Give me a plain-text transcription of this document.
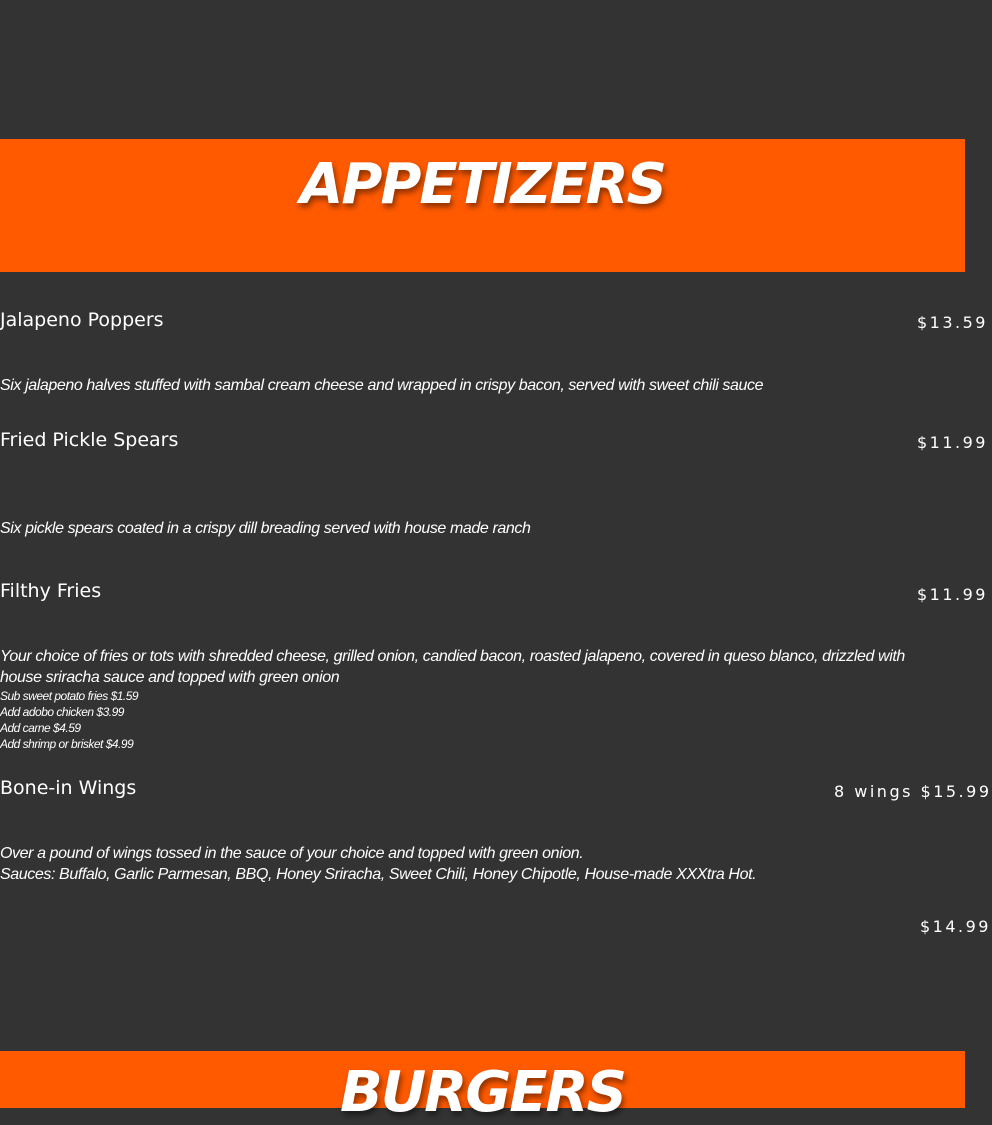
APPETIZERS
Jalapeno Poppers	$13.59
Six jalapeno halves stuffed with sambal cream cheese and wrapped in crispy bacon, served with sweet chili sauce
Fried Pickle Spears	$11.99
Six pickle spears coated in a crispy dill breading served with house made ranch
Filthy Fries	$11.99
Your choice of fries or tots with shredded cheese, grilled onion, candied bacon, roasted jalapeno, covered in queso blanco, drizzled with
house sriracha sauce and topped with green onion
Sub sweet potato fries $1.59
Add adobo chicken $3.99
Add carne $4.59
Add shrimp or brisket $4.99
Bone-in Wings	8 wings $15.99
Over a pound of wings tossed in the sauce of your choice and topped with green onion.
Sauces: Buffalo, Garlic Parmesan, BBQ, Honey Sriracha, Sweet Chili, Honey Chipotle, House-made XXXtra Hot.
$14.99
BURGERS
